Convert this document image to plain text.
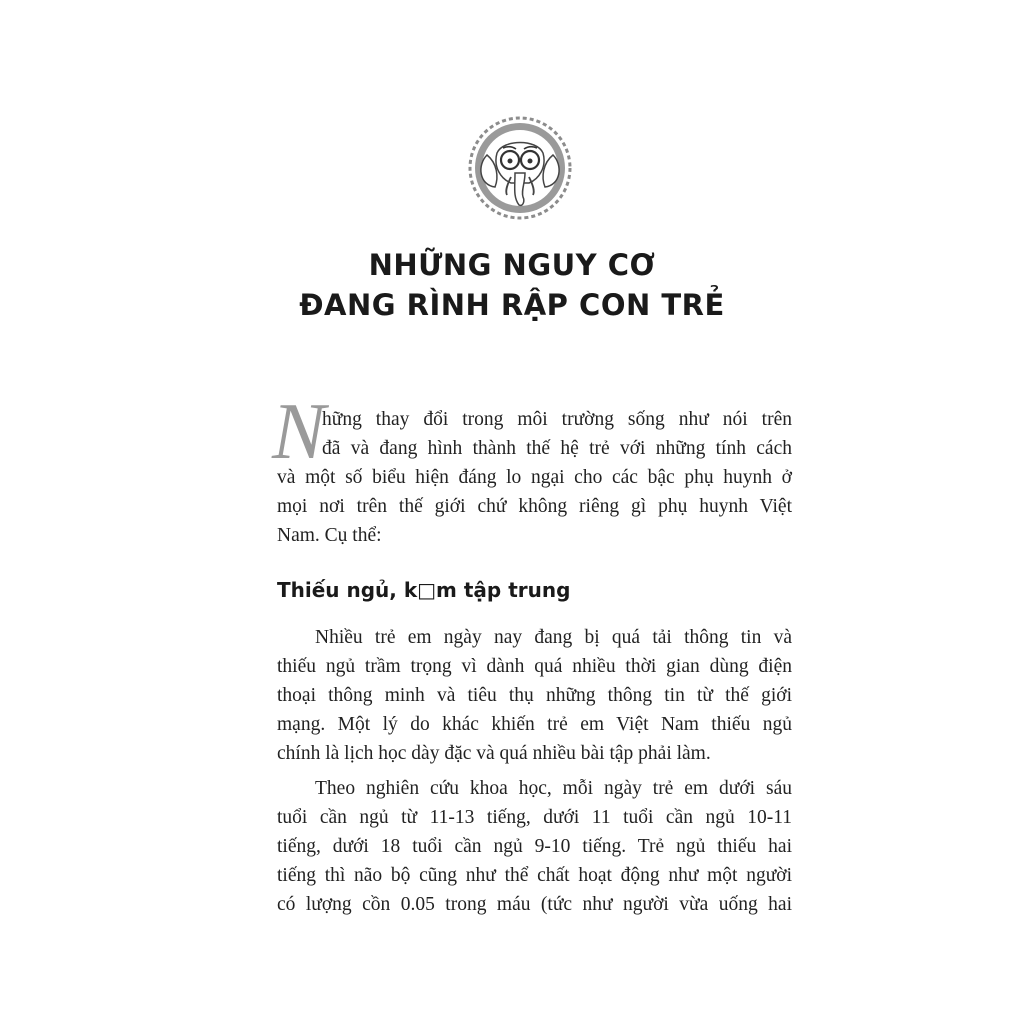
NHỮNG NGUY CƠ
ĐANG RÌNH RẬP CON TRẺ
N

hững thay đổi trong môi trường sống như nói trên

đã và đang hình thành thế hệ trẻ với những tính cách

và một số biểu hiện đáng lo ngại cho các bậc phụ huynh ở

mọi nơi trên thế giới chứ không riêng gì phụ huynh Việt

Nam. Cụ thể:

Thiếu ngủ, k□m tập trung

Nhiều trẻ em ngày nay đang bị quá tải thông tin và

thiếu ngủ trầm trọng vì dành quá nhiều thời gian dùng điện

thoại thông minh và tiêu thụ những thông tin từ thế giới

mạng. Một lý do khác khiến trẻ em Việt Nam thiếu ngủ

chính là lịch học dày đặc và quá nhiều bài tập phải làm.

Theo nghiên cứu khoa học, mỗi ngày trẻ em dưới sáu

tuổi cần ngủ từ 11-13 tiếng, dưới 11 tuổi cần ngủ 10-11

tiếng, dưới 18 tuổi cần ngủ 9-10 tiếng. Trẻ ngủ thiếu hai

tiếng thì não bộ cũng như thể chất hoạt động như một người

có lượng cồn 0.05 trong máu (tức như người vừa uống hai
